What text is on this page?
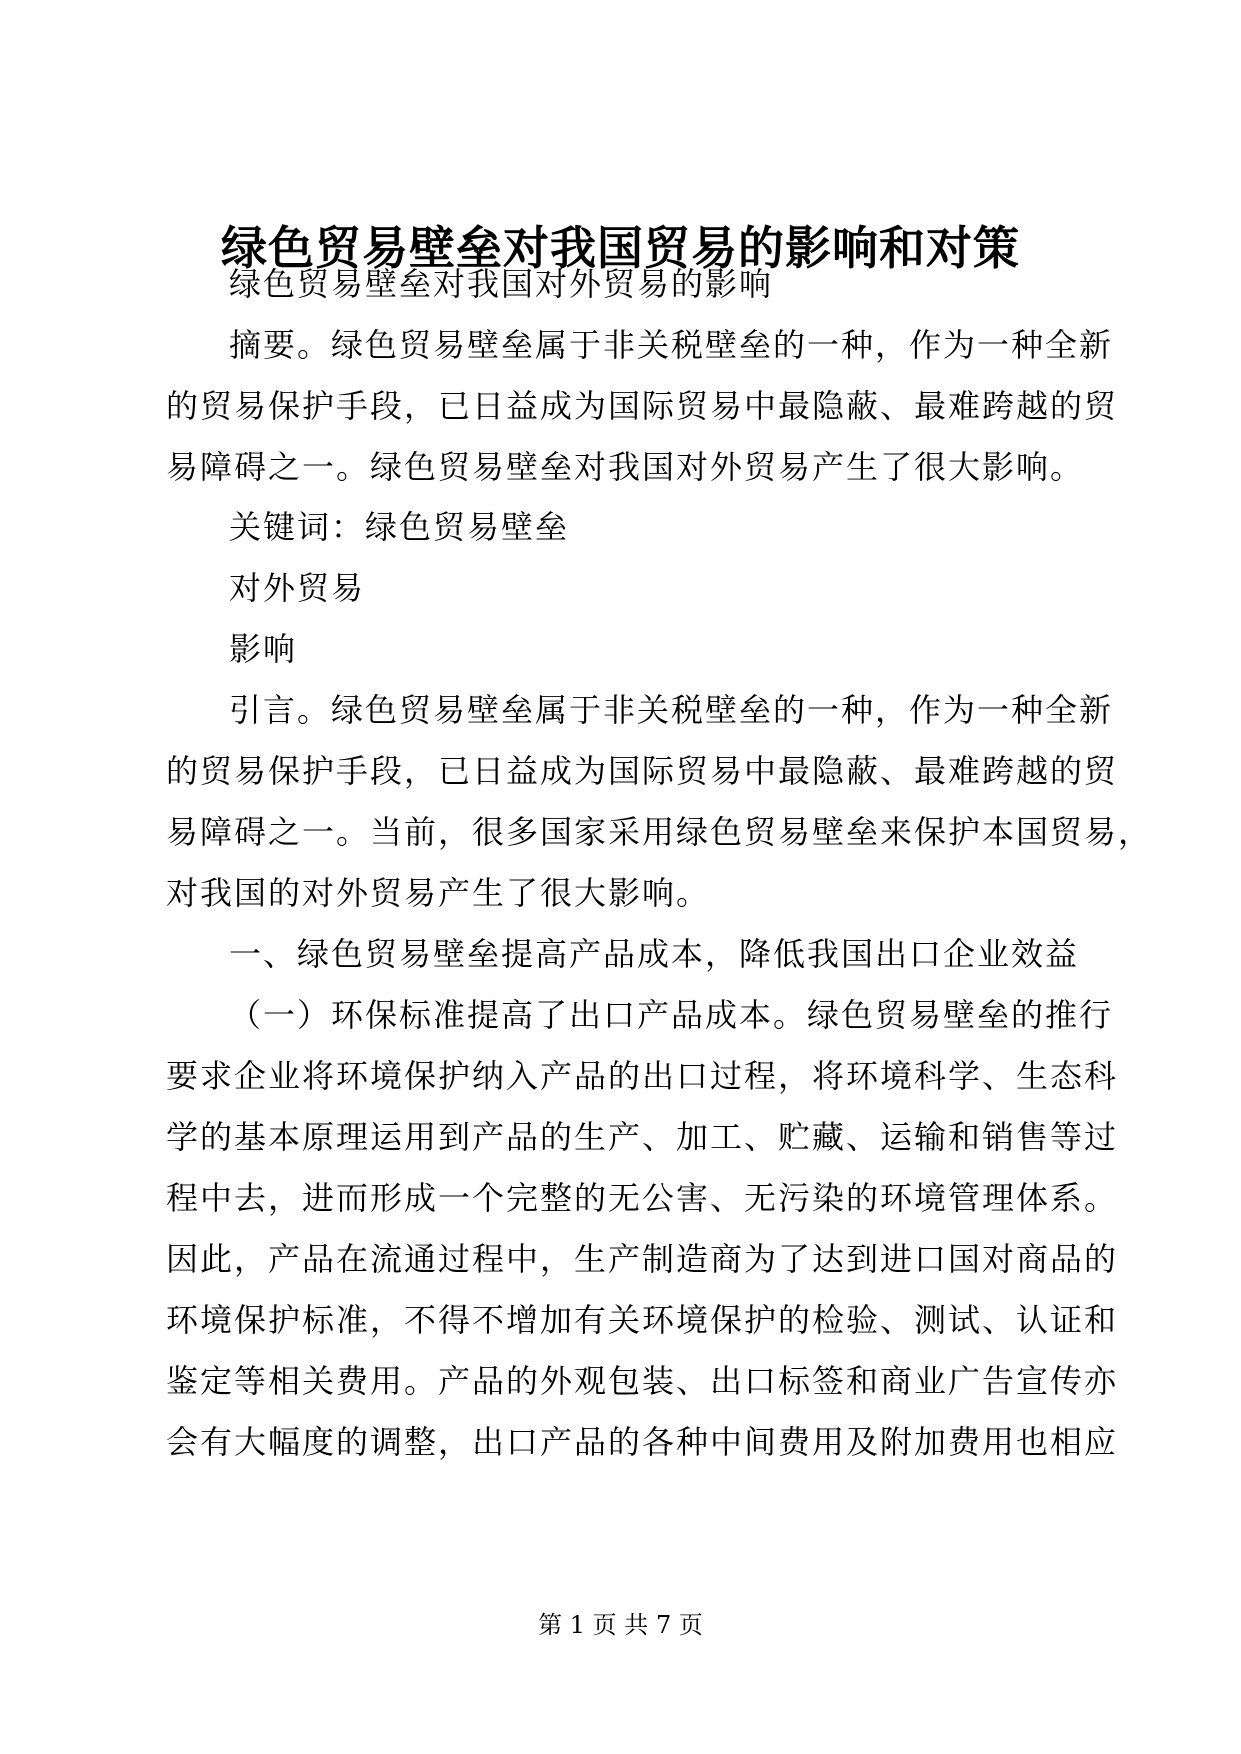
绿色贸易壁垒对我国贸易的影响和对策
绿色贸易壁垒对我国对外贸易的影响
摘要。绿色贸易壁垒属于非关税壁垒的一种，作为一种全新
的贸易保护手段，已日益成为国际贸易中最隐蔽、最难跨越的贸
易障碍之一。绿色贸易壁垒对我国对外贸易产生了很大影响。
关键词：绿色贸易壁垒
对外贸易
影响
引言。绿色贸易壁垒属于非关税壁垒的一种，作为一种全新
的贸易保护手段，已日益成为国际贸易中最隐蔽、最难跨越的贸
易障碍之一。当前，很多国家采用绿色贸易壁垒来保护本国贸易，
对我国的对外贸易产生了很大影响。
一、绿色贸易壁垒提高产品成本，降低我国出口企业效益
（一）环保标准提高了出口产品成本。绿色贸易壁垒的推行
要求企业将环境保护纳入产品的出口过程，将环境科学、生态科
学的基本原理运用到产品的生产、加工、贮藏、运输和销售等过
程中去，进而形成一个完整的无公害、无污染的环境管理体系。
因此，产品在流通过程中，生产制造商为了达到进口国对商品的
环境保护标准，不得不增加有关环境保护的检验、测试、认证和
鉴定等相关费用。产品的外观包装、出口标签和商业广告宣传亦
会有大幅度的调整，出口产品的各种中间费用及附加费用也相应
第 1 页 共 7 页
